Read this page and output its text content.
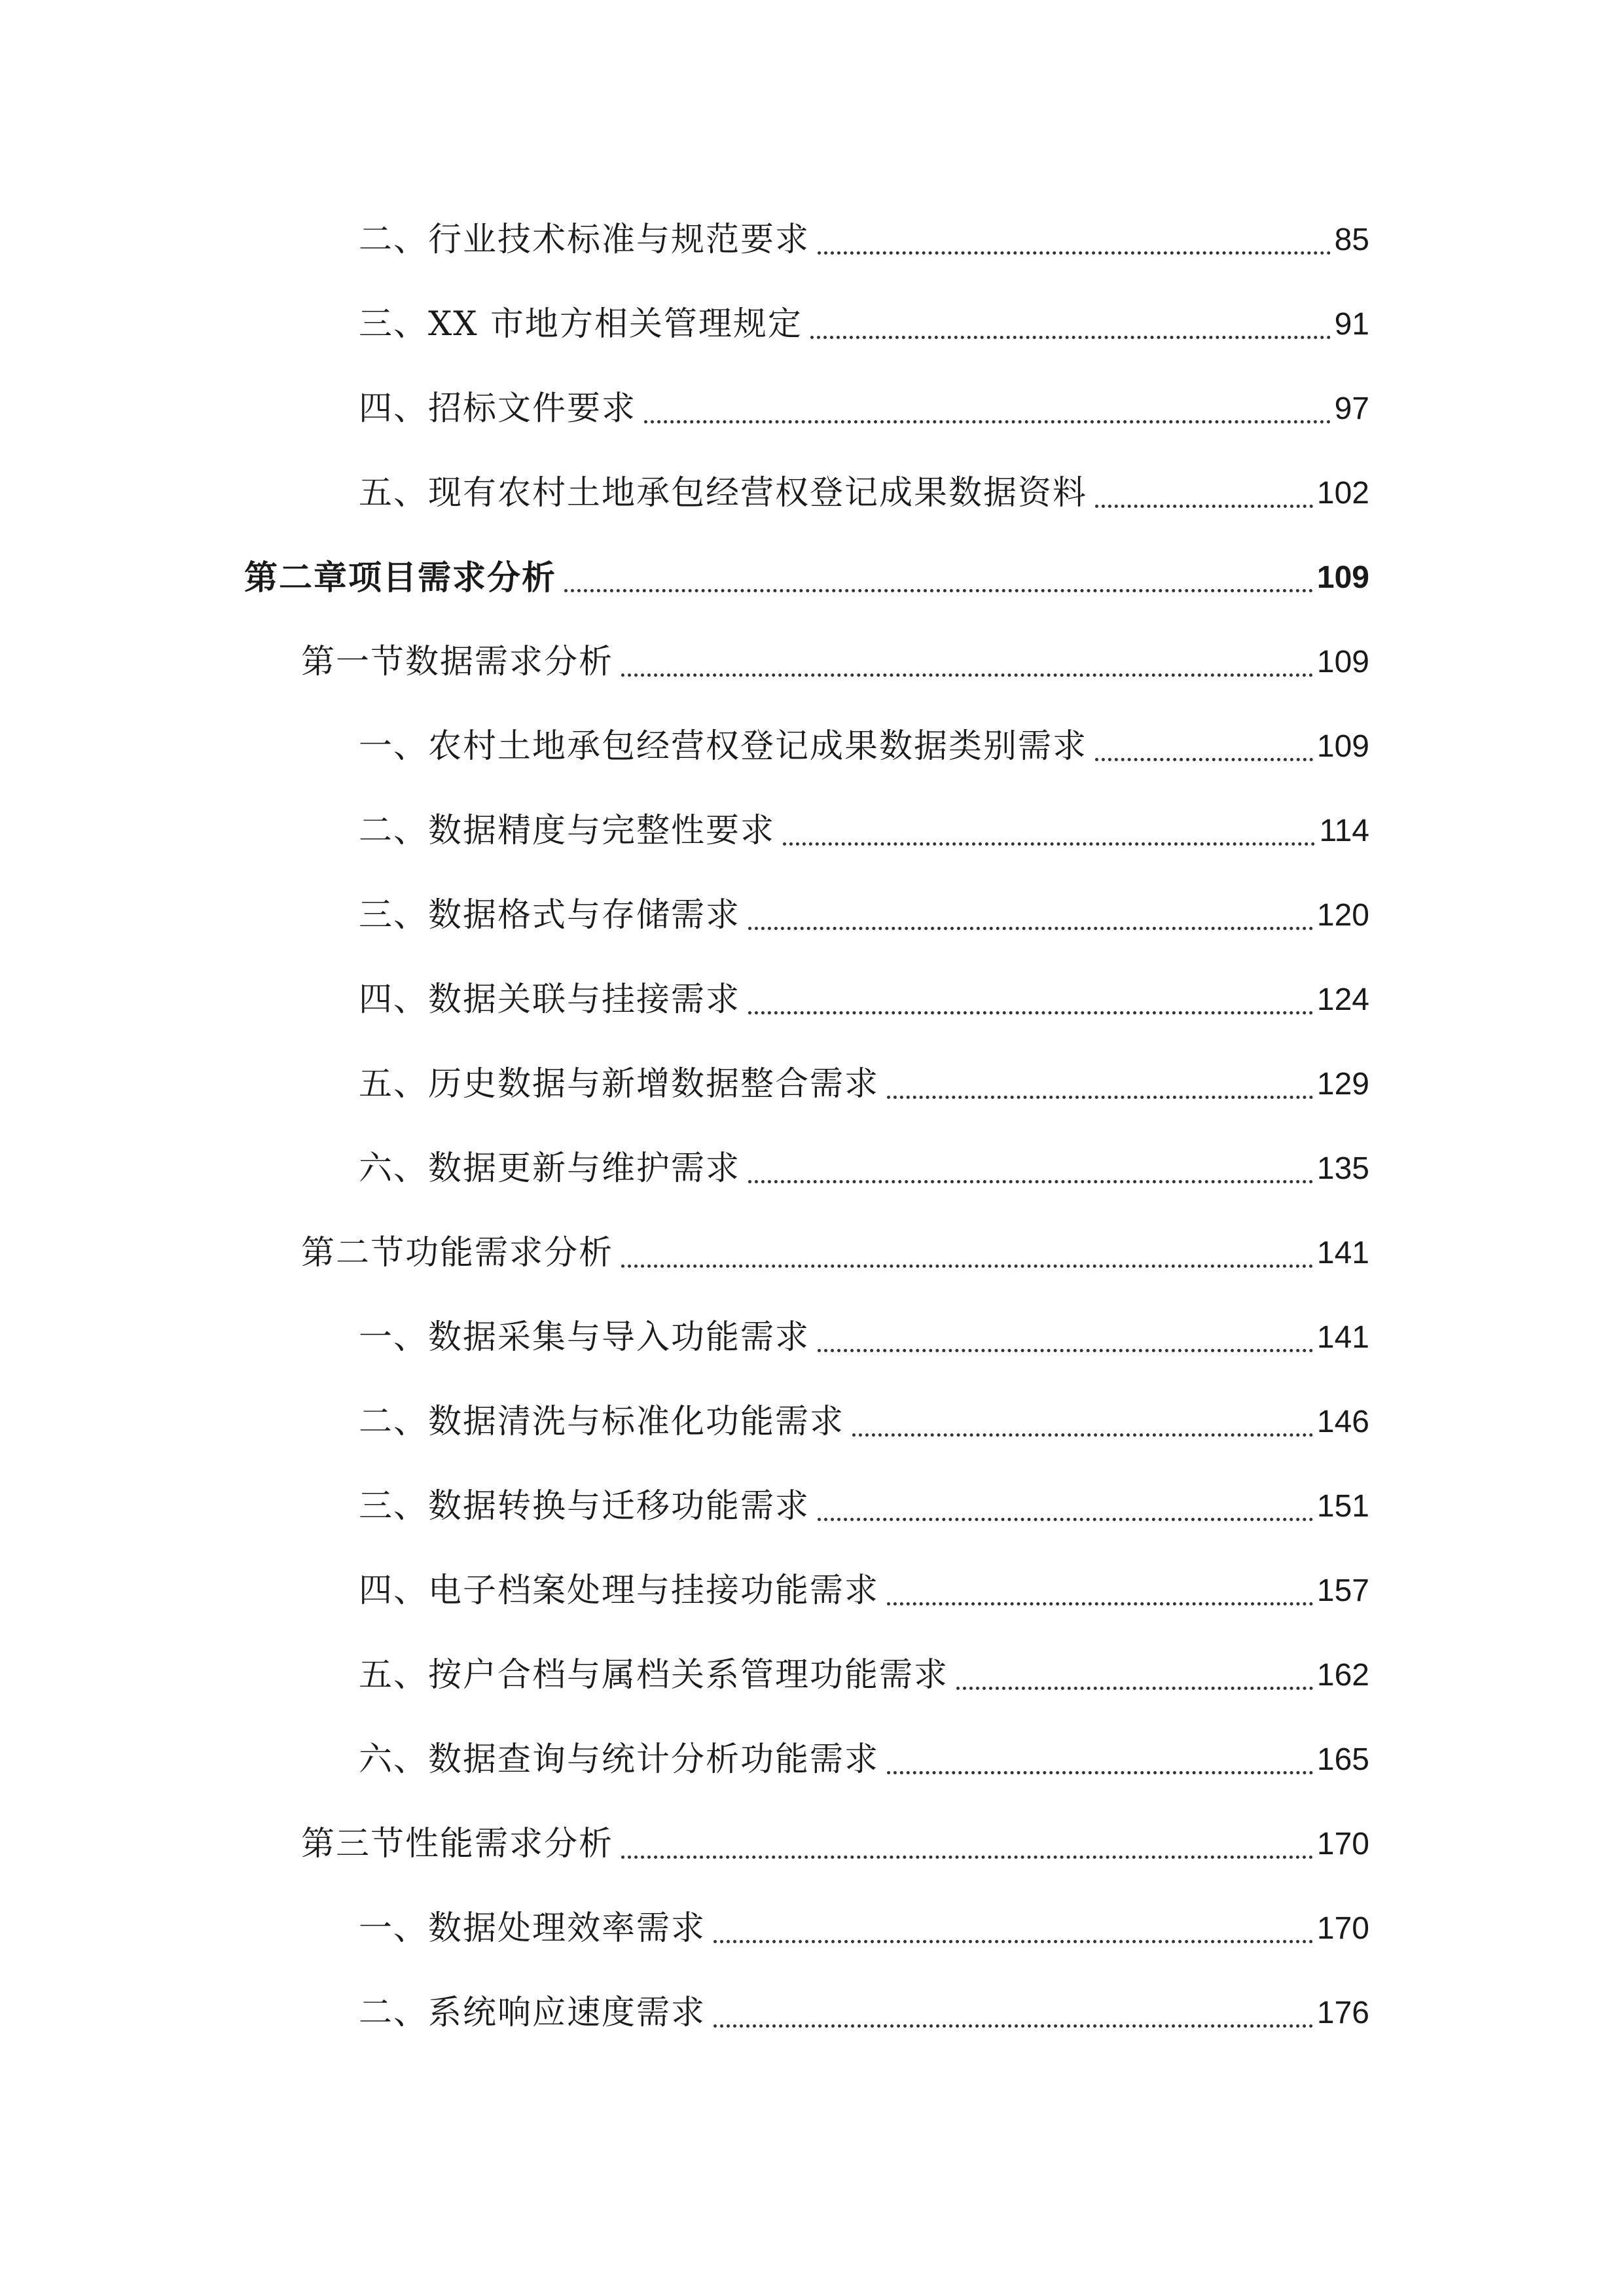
二、行业技术标准与规范要求	85
三、XX 市地方相关管理规定	91
四、招标文件要求	97
五、现有农村土地承包经营权登记成果数据资料	102
第二章项目需求分析	109
第一节数据需求分析	109
一、农村土地承包经营权登记成果数据类别需求	109
二、数据精度与完整性要求	114
三、数据格式与存储需求	120
四、数据关联与挂接需求	124
五、历史数据与新增数据整合需求	129
六、数据更新与维护需求	135
第二节功能需求分析	141
一、数据采集与导入功能需求	141
二、数据清洗与标准化功能需求	146
三、数据转换与迁移功能需求	151
四、电子档案处理与挂接功能需求	157
五、按户合档与属档关系管理功能需求	162
六、数据查询与统计分析功能需求	165
第三节性能需求分析	170
一、数据处理效率需求	170
二、系统响应速度需求	176
